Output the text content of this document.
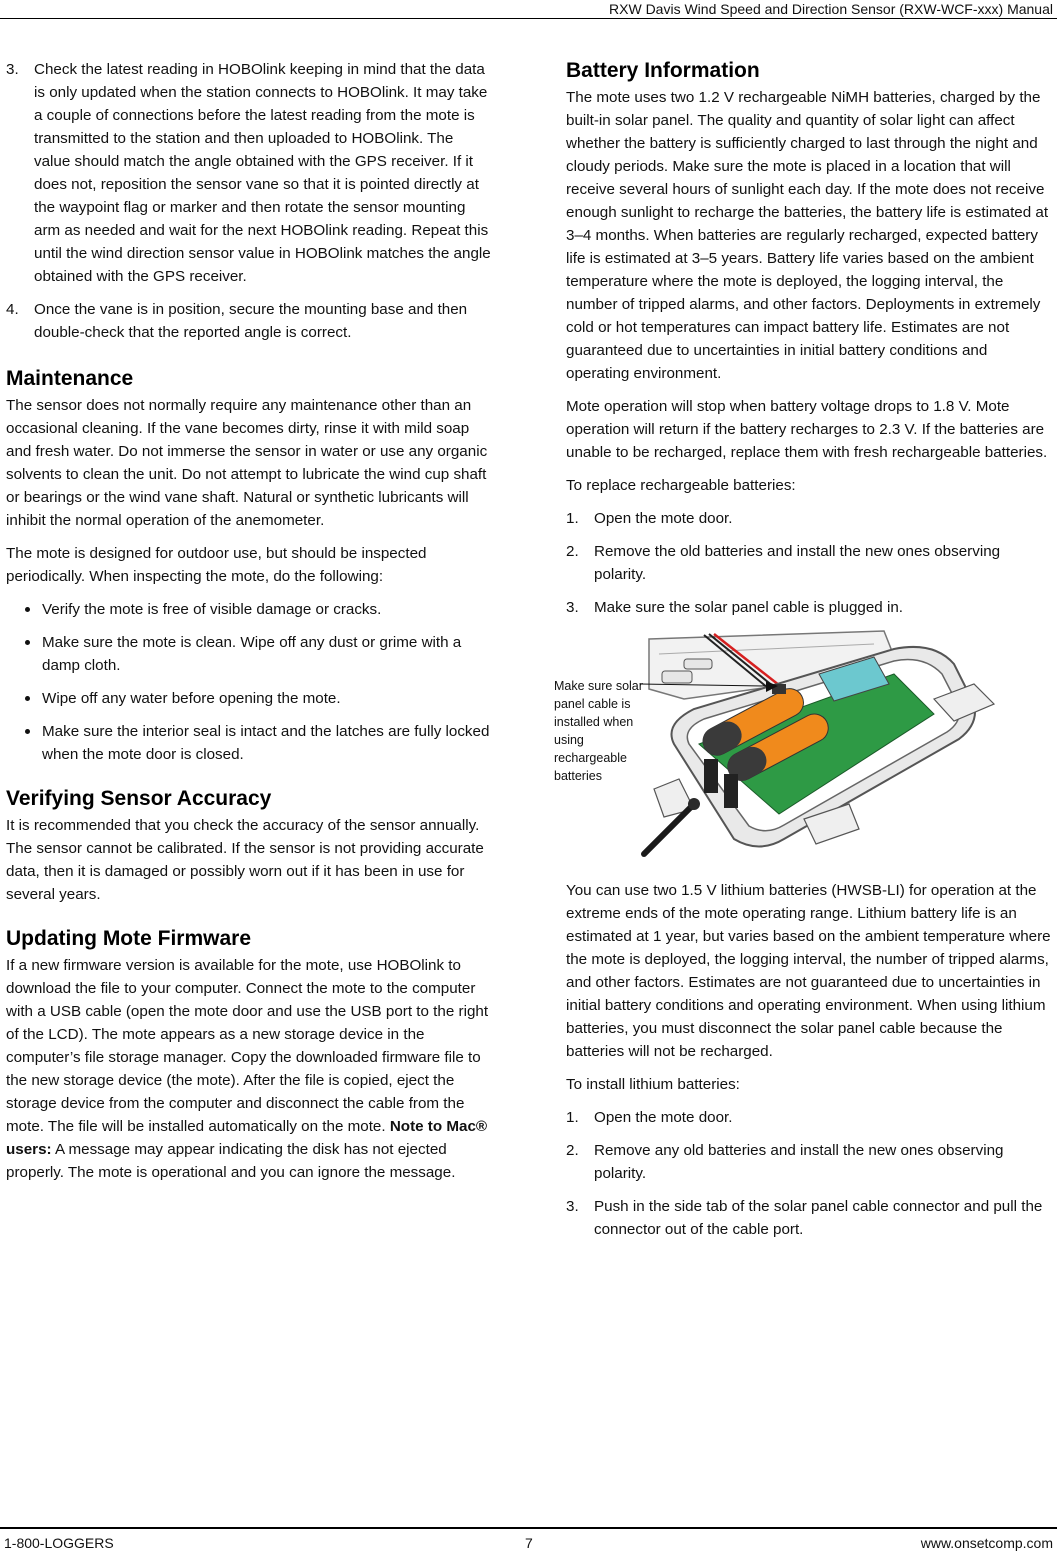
RXW Davis Wind Speed and Direction Sensor (RXW-WCF-xxx) Manual
3. Check the latest reading in HOBOlink keeping in mind that the data is only updated when the station connects to HOBOlink. It may take a couple of connections before the latest reading from the mote is transmitted to the station and then uploaded to HOBOlink. The value should match the angle obtained with the GPS receiver. If it does not, reposition the sensor vane so that it is pointed directly at the waypoint flag or marker and then rotate the sensor mounting arm as needed and wait for the next HOBOlink reading. Repeat this until the wind direction sensor value in HOBOlink matches the angle obtained with the GPS receiver.
4. Once the vane is in position, secure the mounting base and then double-check that the reported angle is correct.
Maintenance

The sensor does not normally require any maintenance other than an occasional cleaning. If the vane becomes dirty, rinse it with mild soap and fresh water. Do not immerse the sensor in water or use any organic solvents to clean the unit. Do not attempt to lubricate the wind cup shaft or bearings or the wind vane shaft. Natural or synthetic lubricants will inhibit the normal operation of the anemometer.

The mote is designed for outdoor use, but should be inspected periodically. When inspecting the mote, do the following:

Verify the mote is free of visible damage or cracks.
Make sure the mote is clean. Wipe off any dust or grime with a damp cloth.
Wipe off any water before opening the mote.
Make sure the interior seal is intact and the latches are fully locked when the mote door is closed.
Verifying Sensor Accuracy

It is recommended that you check the accuracy of the sensor annually. The sensor cannot be calibrated. If the sensor is not providing accurate data, then it is damaged or possibly worn out if it has been in use for several years.

Updating Mote Firmware

If a new firmware version is available for the mote, use HOBOlink to download the file to your computer. Connect the mote to the computer with a USB cable (open the mote door and use the USB port to the right of the LCD). The mote appears as a new storage device in the computer’s file storage manager. Copy the downloaded firmware file to the new storage device (the mote). After the file is copied, eject the storage device from the computer and disconnect the cable from the mote. The file will be installed automatically on the mote. Note to Mac® users: A message may appear indicating the disk has not ejected properly. The mote is operational and you can ignore the message.

Battery Information

The mote uses two 1.2 V rechargeable NiMH batteries, charged by the built-in solar panel. The quality and quantity of solar light can affect whether the battery is sufficiently charged to last through the night and cloudy periods. Make sure the mote is placed in a location that will receive several hours of sunlight each day. If the mote does not receive enough sunlight to recharge the batteries, the battery life is estimated at 3–4 months. When batteries are regularly recharged, expected battery life is estimated at 3–5 years. Battery life varies based on the ambient temperature where the mote is deployed, the logging interval, the number of tripped alarms, and other factors. Deployments in extremely cold or hot temperatures can impact battery life. Estimates are not guaranteed due to uncertainties in initial battery conditions and operating environment.

Mote operation will stop when battery voltage drops to 1.8 V. Mote operation will return if the battery recharges to 2.3 V. If the batteries are unable to be recharged, replace them with fresh rechargeable batteries.

To replace rechargeable batteries:

1. Open the mote door.
2. Remove the old batteries and install the new ones observing polarity.
3. Make sure the solar panel cable is plugged in.
Make sure solar panel cable is installed when using rechargeable batteries

You can use two 1.5 V lithium batteries (HWSB-LI) for operation at the extreme ends of the mote operating range. Lithium battery life is an estimated at 1 year, but varies based on the ambient temperature where the mote is deployed, the logging interval, the number of tripped alarms, and other factors. Estimates are not guaranteed due to uncertainties in initial battery conditions and operating environment. When using lithium batteries, you must disconnect the solar panel cable because the batteries will not be recharged.

To install lithium batteries:

1. Open the mote door.
2. Remove any old batteries and install the new ones observing polarity.
3. Push in the side tab of the solar panel cable connector and pull the connector out of the cable port.
1-800-LOGGERS	7	www.onsetcomp.com
